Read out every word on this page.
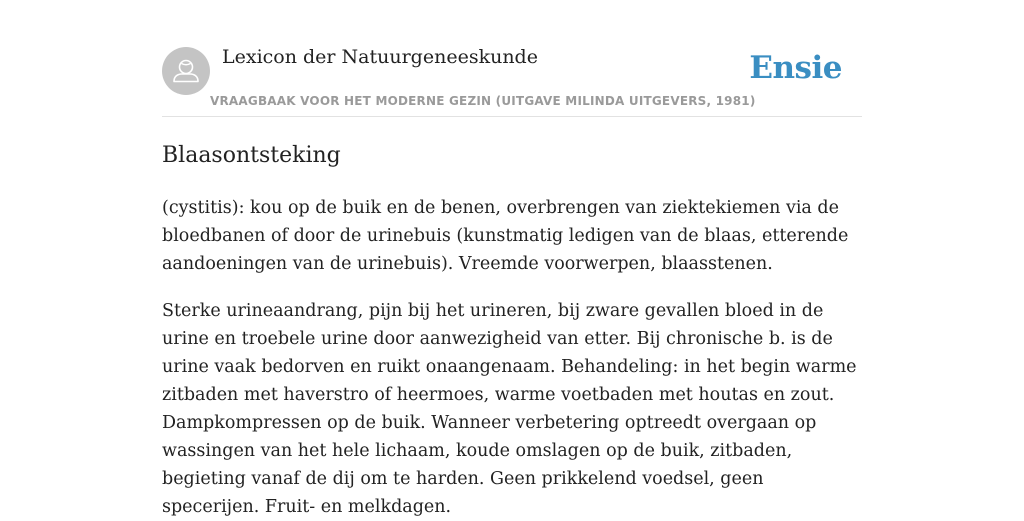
Lexicon der Natuurgeneeskunde
VRAAGBAAK VOOR HET MODERNE GEZIN (UITGAVE MILINDA UITGEVERS, 1981)
Ensie
Blaasontsteking

(cystitis): kou op de buik en de benen, overbrengen van ziektekiemen via de bloedbanen of door de urinebuis (kunstmatig ledigen van de blaas, etterende aandoeningen van de urinebuis). Vreemde voorwerpen, blaasstenen.

Sterke urineaandrang, pijn bij het urineren, bij zware gevallen bloed in de urine en troebele urine door aanwezigheid van etter. Bij chronische b. is de urine vaak bedorven en ruikt onaangenaam. Behandeling: in het begin warme zitbaden met haverstro of heermoes, warme voetbaden met houtas en zout. Dampkompressen op de buik. Wanneer verbetering optreedt overgaan op wassingen van het hele lichaam, koude omslagen op de buik, zitbaden, begieting vanaf de dij om te harden. Geen prikkelend voedsel, geen specerijen. Fruit- en melkdagen.
